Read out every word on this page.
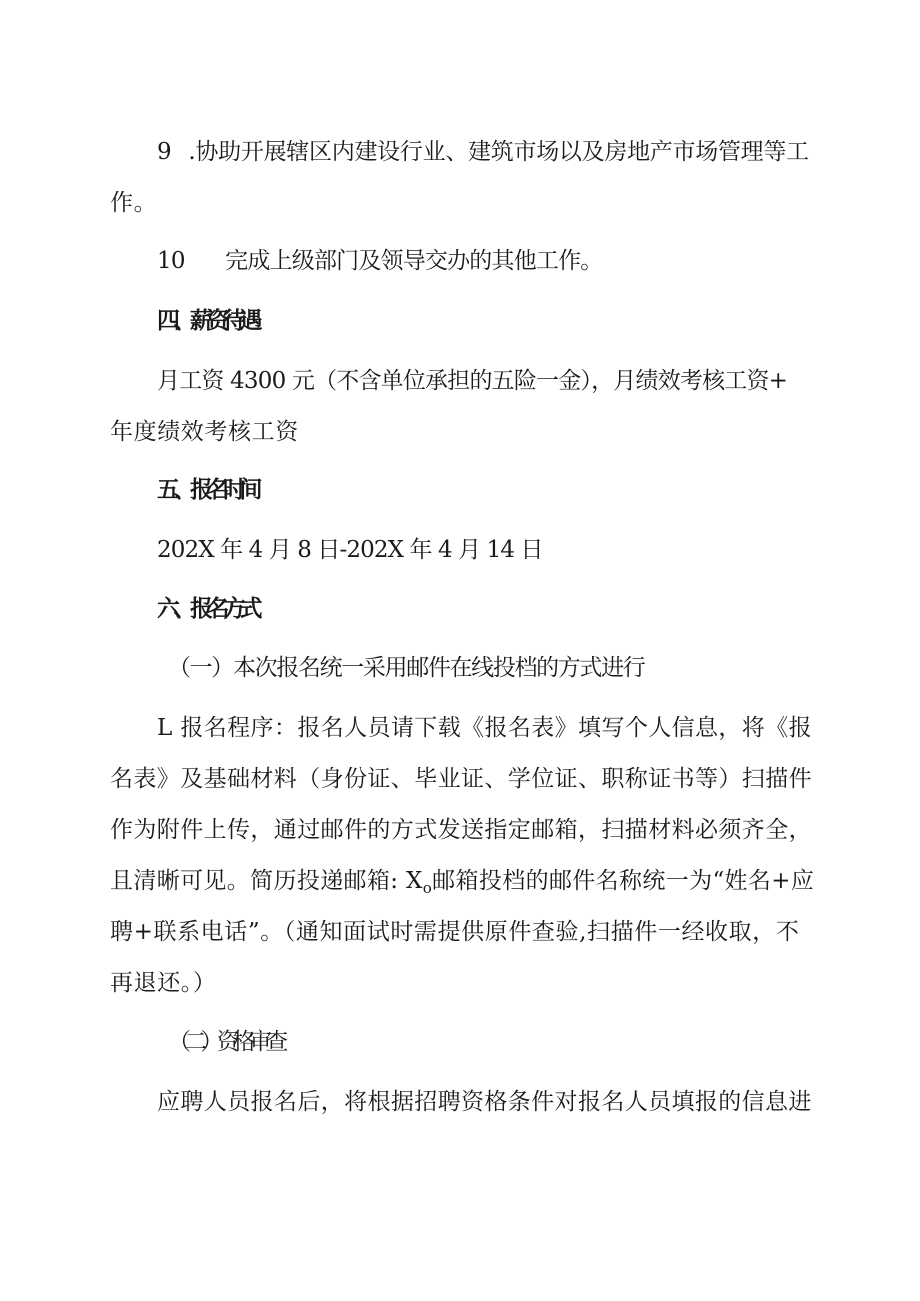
9 .协助开展辖区内建设行业、建筑市场以及房地产市场管理等工
作。
10 完成上级部门及领导交办的其他工作。
四、薪资待遇
月工资 4300 元（不含单位承担的五险一金），月绩效考核工资+
年度绩效考核工资
五、报名时间
202X 年 4 月 8 日-202X 年 4 月 14 日
六、报名方式
（一）本次报名统一采用邮件在线投档的方式进行
L 报名程序：报名人员请下载《报名表》填写个人信息，将《报
名表》及基础材料（身份证、毕业证、学位证、职称证书等）扫描件
作为附件上传，通过邮件的方式发送指定邮箱，扫描材料必须齐全，
且清晰可见。简历投递邮箱: $X_o$邮箱投档的邮件名称统一为“姓名+应
聘+联系电话”。（通知面试时需提供原件查验,扫描件一经收取，不
再退还。）
（二）资格审查
应聘人员报名后，将根据招聘资格条件对报名人员填报的信息进
